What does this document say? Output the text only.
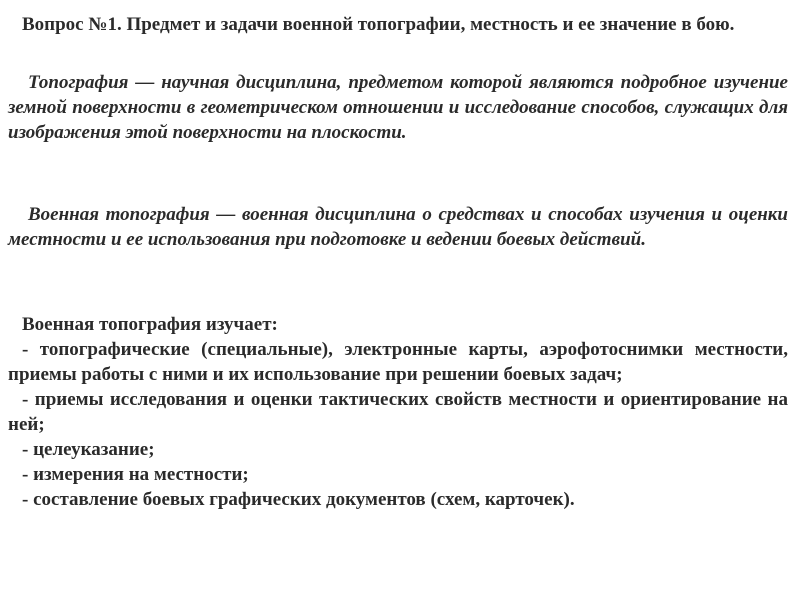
Вопрос №1. Предмет и задачи военной топографии, местность и ее значение в бою.

Топография — научная дисциплина, предметом которой являются подробное изучение земной поверхности в геометрическом отношении и исследование способов, служащих для изображения этой поверхности на плоскости.

Военная топография — военная дисциплина о средствах и способах изучения и оценки местности и ее использования при подготовке и ведении боевых действий.

Военная топография изучает:
- топографические (специальные), электронные карты, аэрофотоснимки местности, приемы работы с ними и их использование при решении боевых задач;
- приемы исследования и оценки тактических свойств местности и ориентирование на ней;
- целеуказание;
- измерения на местности;
- составление боевых графических документов (схем, карточек).
